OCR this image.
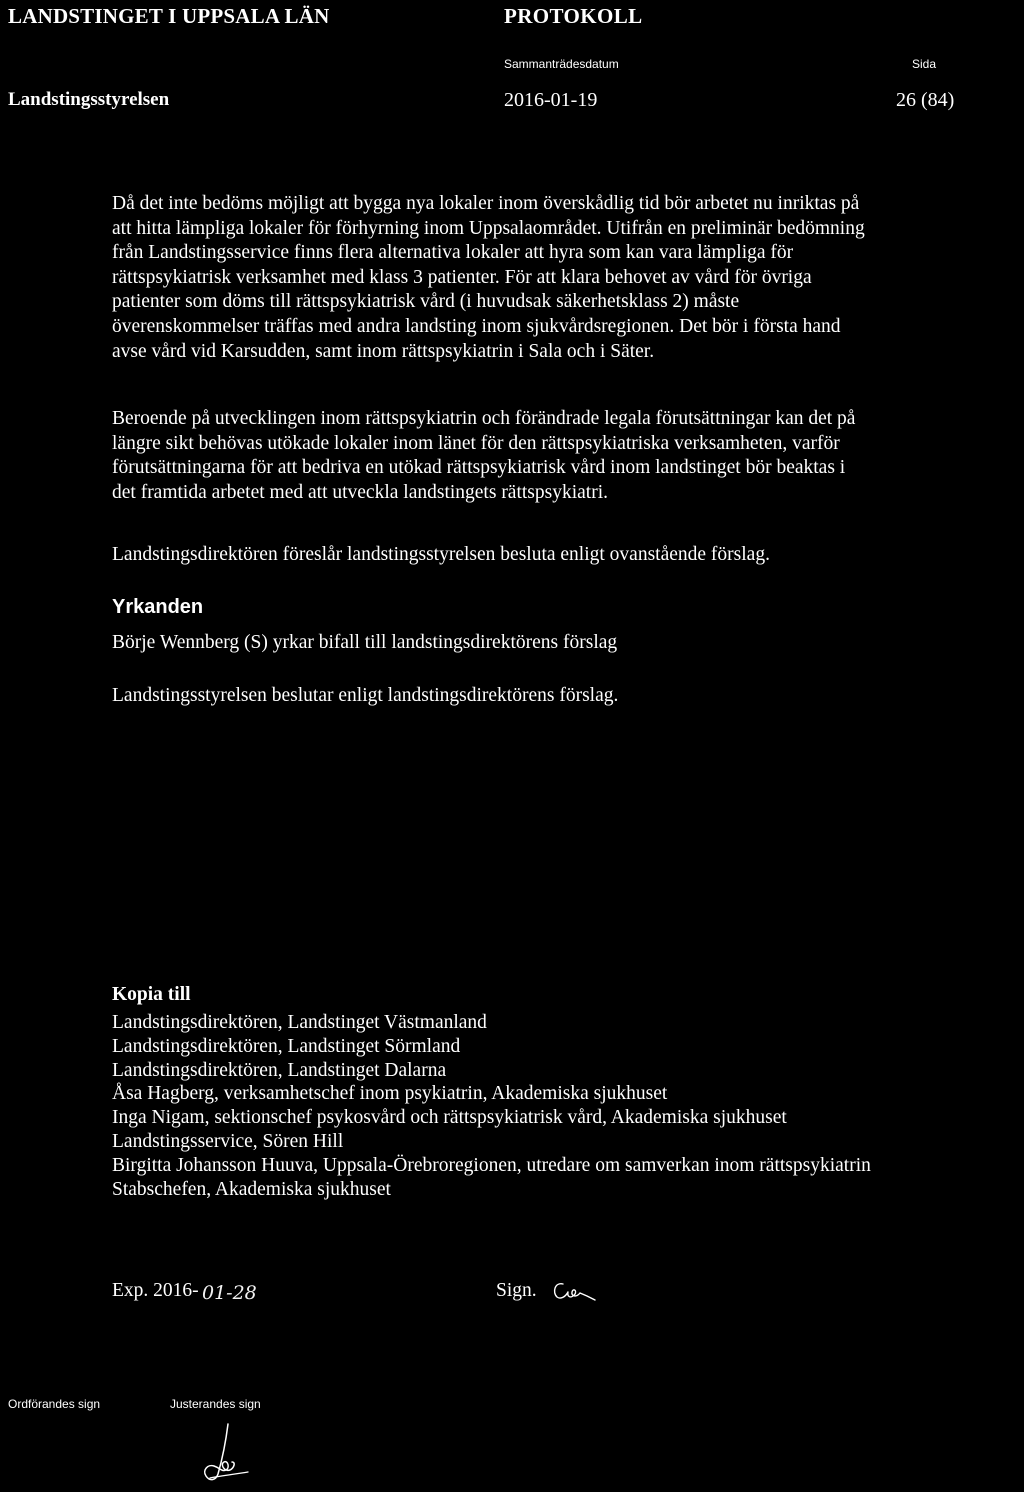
LANDSTINGET I UPPSALA LÄN	PROTOKOLL
Sammanträdesdatum	Sida
Landstingsstyrelsen	2016-01-19	26 (84)

Då det inte bedöms möjligt att bygga nya lokaler inom överskådlig tid bör arbetet nu inriktas på
att hitta lämpliga lokaler för förhyrning inom Uppsalaområdet. Utifrån en preliminär bedömning
från Landstingsservice finns flera alternativa lokaler att hyra som kan vara lämpliga för
rättspsykiatrisk verksamhet med klass 3 patienter. För att klara behovet av vård för övriga
patienter som döms till rättspsykiatrisk vård (i huvudsak säkerhetsklass 2) måste
överenskommelser träffas med andra landsting inom sjukvårdsregionen. Det bör i första hand
avse vård vid Karsudden, samt inom rättspsykiatrin i Sala och i Säter.

Beroende på utvecklingen inom rättspsykiatrin och förändrade legala förutsättningar kan det på
längre sikt behövas utökade lokaler inom länet för den rättspsykiatriska verksamheten, varför
förutsättningarna för att bedriva en utökad rättspsykiatrisk vård inom landstinget bör beaktas i
det framtida arbetet med att utveckla landstingets rättspsykiatri.

Landstingsdirektören föreslår landstingsstyrelsen besluta enligt ovanstående förslag.

Yrkanden
Börje Wennberg (S) yrkar bifall till landstingsdirektörens förslag
Landstingsstyrelsen beslutar enligt landstingsdirektörens förslag.
Kopia till
Landstingsdirektören, Landstinget Västmanland
Landstingsdirektören, Landstinget Sörmland
Landstingsdirektören, Landstinget Dalarna
Åsa Hagberg, verksamhetschef inom psykiatrin, Akademiska sjukhuset
Inga Nigam, sektionschef psykosvård och rättspsykiatrisk vård, Akademiska sjukhuset
Landstingsservice, Sören Hill
Birgitta Johansson Huuva, Uppsala-Örebroregionen, utredare om samverkan inom rättspsykiatrin
Stabschefen, Akademiska sjukhuset
Exp. 2016- 01-28	Sign.
Ordförandes sign	Justerandes sign
